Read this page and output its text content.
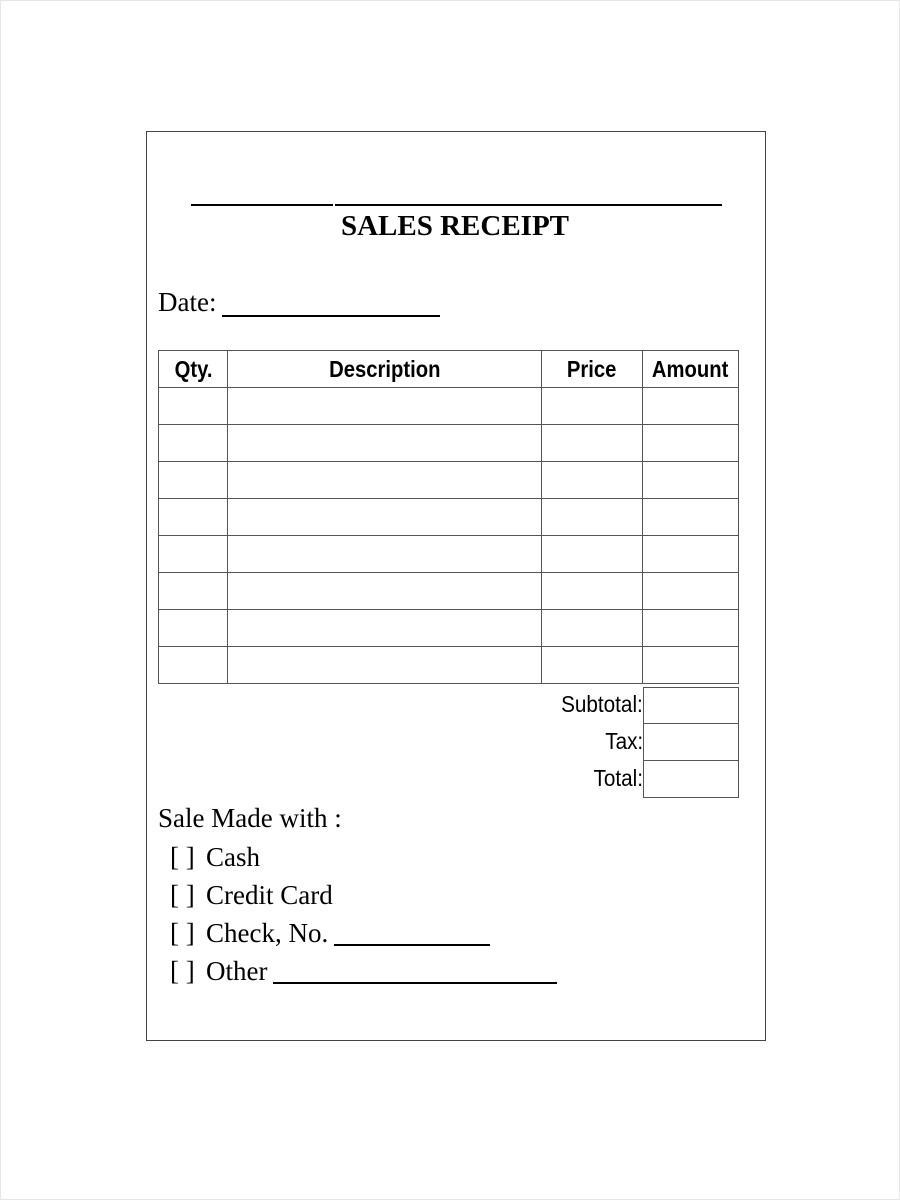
SALES RECEIPT
Date:
Qty.	Description	Price	Amount

Subtotal:
Tax:
Total:
Sale Made with :
[ ] Cash
[ ] Credit Card
[ ] Check, No.
[ ] Other
